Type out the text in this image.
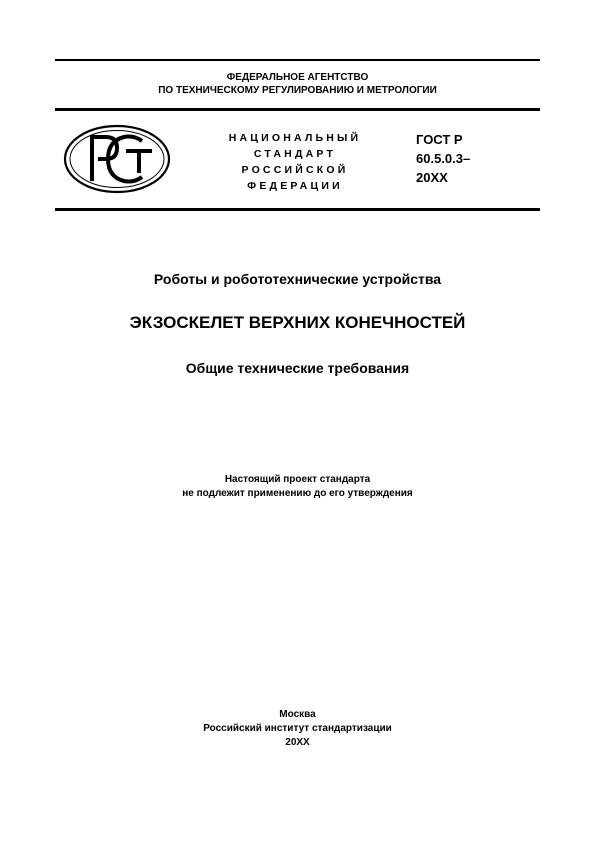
ФЕДЕРАЛЬНОЕ АГЕНТСТВО
ПО ТЕХНИЧЕСКОМУ РЕГУЛИРОВАНИЮ И МЕТРОЛОГИИ
НАЦИОНАЛЬНЫЙ
СТАНДАРТ
РОССИЙСКОЙ
ФЕДЕРАЦИИ
ГОСТ Р
60.5.0.3–
20XX
Роботы и робототехнические устройства
ЭКЗОСКЕЛЕТ ВЕРХНИХ КОНЕЧНОСТЕЙ
Общие технические требования
Настоящий проект стандарта
не подлежит применению до его утверждения
Москва
Российский институт стандартизации
20XX
